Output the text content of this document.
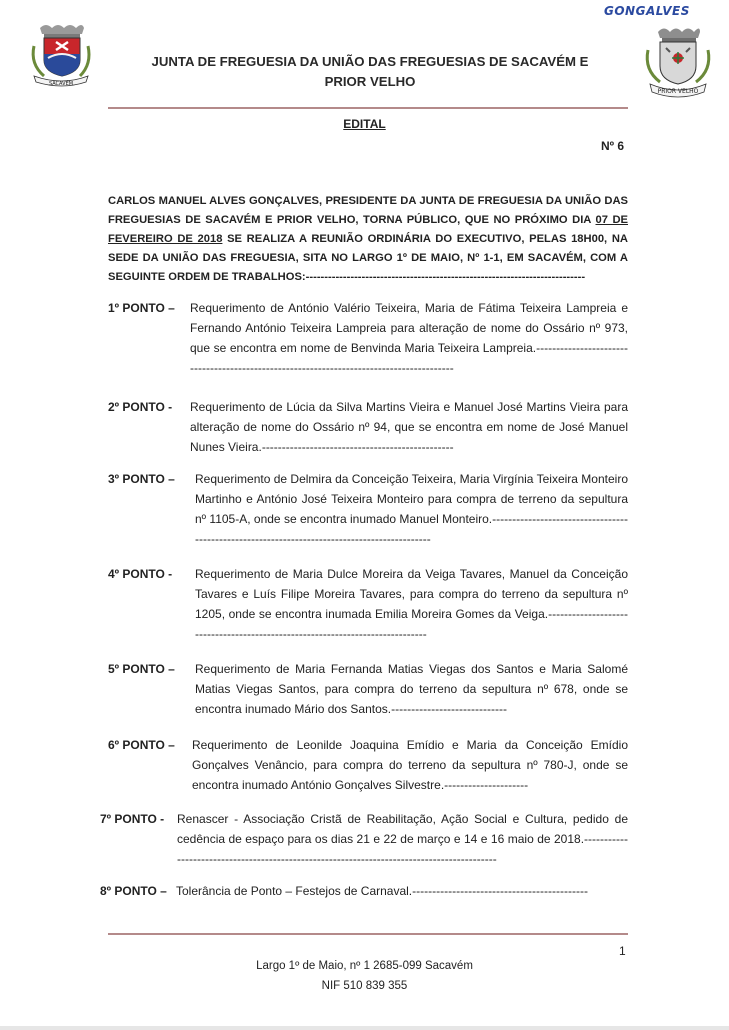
GONGALVES
SACAVÉM
PRIOR VELHO
JUNTA DE FREGUESIA DA UNIÃO DAS FREGUESIAS DE SACAVÉM E
PRIOR VELHO
EDITAL
Nº 6
CARLOS MANUEL ALVES GONÇALVES, PRESIDENTE DA JUNTA DE FREGUESIA DA UNIÃO DAS FREGUESIAS DE SACAVÉM E PRIOR VELHO, TORNA PÚBLICO, QUE NO PRÓXIMO DIA 07 DE FEVEREIRO DE 2018 SE REALIZA A REUNIÃO ORDINÁRIA DO EXECUTIVO, PELAS 18H00, NA SEDE DA UNIÃO DAS FREGUESIA, SITA NO LARGO 1º DE MAIO, Nº 1-1, EM SACAVÉM, COM A SEGUINTE ORDEM DE TRABALHOS:---------------------------------------------------------------------------
1º PONTO – Requerimento de António Valério Teixeira, Maria de Fátima Teixeira Lampreia e Fernando António Teixeira Lampreia para alteração de nome do Ossário nº 973, que se encontra em nome de Benvinda Maria Teixeira Lampreia.-----------------------------------------------------------------------------------------
2º PONTO - Requerimento de Lúcia da Silva Martins Vieira e Manuel José Martins Vieira para alteração de nome do Ossário nº 94, que se encontra em nome de José Manuel Nunes Vieira.------------------------------------------------
3º PONTO – Requerimento de Delmira da Conceição Teixeira, Maria Virgínia Teixeira Monteiro Martinho e António José Teixeira Monteiro para compra de terreno da sepultura nº 1105-A, onde se encontra inumado Manuel Monteiro.---------------------------------------------------------------------------------------------
4º PONTO - Requerimento de Maria Dulce Moreira da Veiga Tavares, Manuel da Conceição Tavares e Luís Filipe Moreira Tavares, para compra do terreno da sepultura nº 1205, onde se encontra inumada Emilia Moreira Gomes da Veiga.------------------------------------------------------------------------------
5º PONTO – Requerimento de Maria Fernanda Matias Viegas dos Santos e Maria Salomé Matias Viegas Santos, para compra do terreno da sepultura nº 678, onde se encontra inumado Mário dos Santos.-----------------------------
6º PONTO – Requerimento de Leonilde Joaquina Emídio e Maria da Conceição Emídio Gonçalves Venâncio, para compra do terreno da sepultura nº 780-J, onde se encontra inumado António Gonçalves Silvestre.---------------------
7º PONTO - Renascer - Associação Cristã de Reabilitação, Ação Social e Cultura, pedido de cedência de espaço para os dias 21 e 22 de março e 14 e 16 maio de 2018.-------------------------------------------------------------------------------------------
8º PONTO – Tolerância de Ponto – Festejos de Carnaval.--------------------------------------------
1
Largo 1º de Maio, nº 1 2685-099 Sacavém
NIF 510 839 355
